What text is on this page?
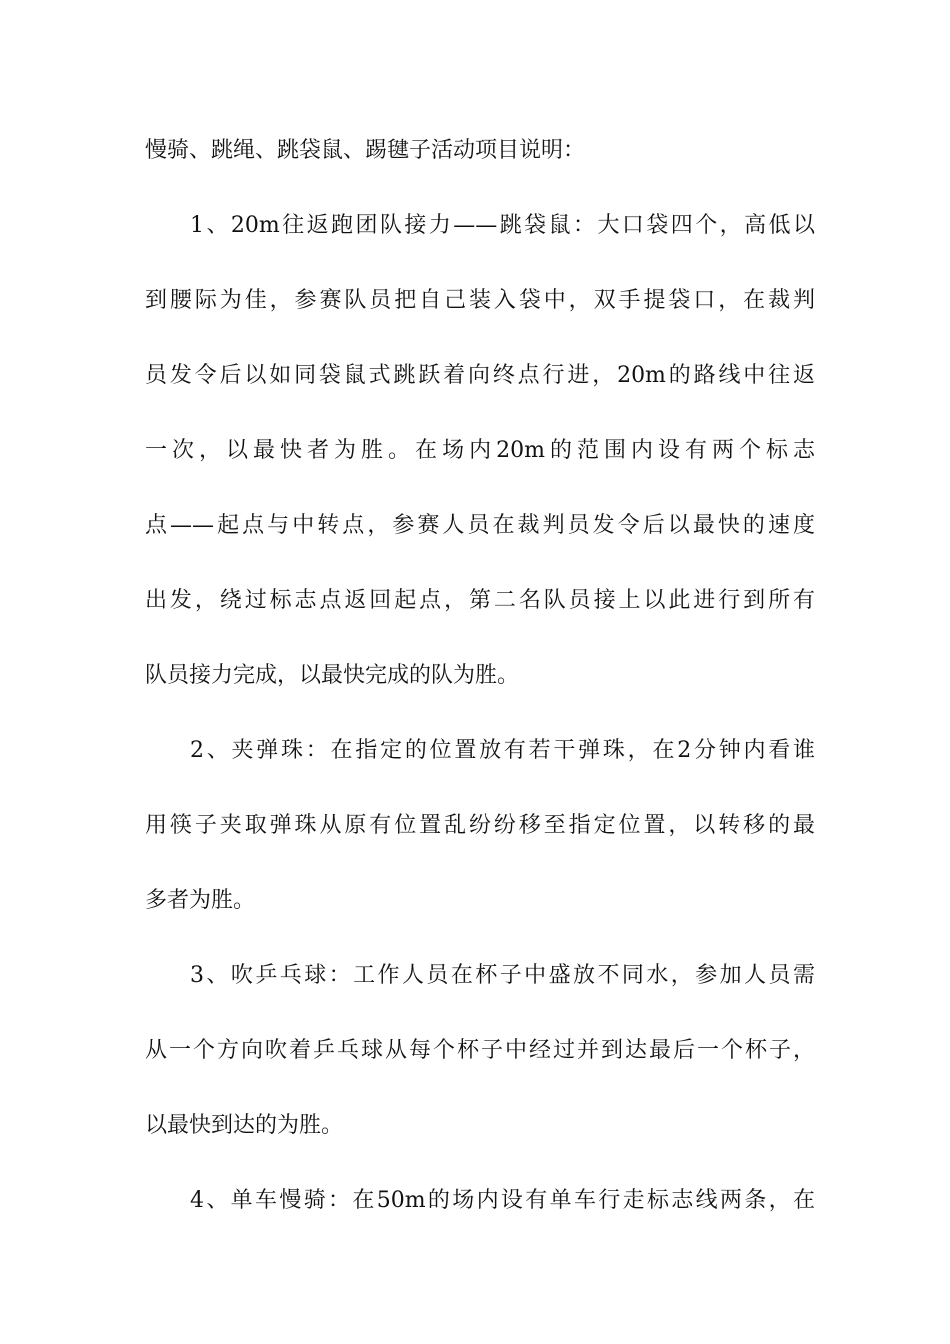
慢骑、跳绳、跳袋鼠、踢毽子活动项目说明：

1、20m往返跑团队接力——跳袋鼠：大口袋四个，高低以

到腰际为佳，参赛队员把自己装入袋中，双手提袋口，在裁判

员发令后以如同袋鼠式跳跃着向终点行进，20m的路线中往返

一次，以最快者为胜。在场内20m的范围内设有两个标志

点——起点与中转点，参赛人员在裁判员发令后以最快的速度

出发，绕过标志点返回起点，第二名队员接上以此进行到所有

队员接力完成，以最快完成的队为胜。

2、夹弹珠：在指定的位置放有若干弹珠，在2分钟内看谁

用筷子夹取弹珠从原有位置乱纷纷移至指定位置，以转移的最

多者为胜。

3、吹乒乓球：工作人员在杯子中盛放不同水，参加人员需

从一个方向吹着乒乓球从每个杯子中经过并到达最后一个杯子，

以最快到达的为胜。

4、单车慢骑：在50m的场内设有单车行走标志线两条，在
